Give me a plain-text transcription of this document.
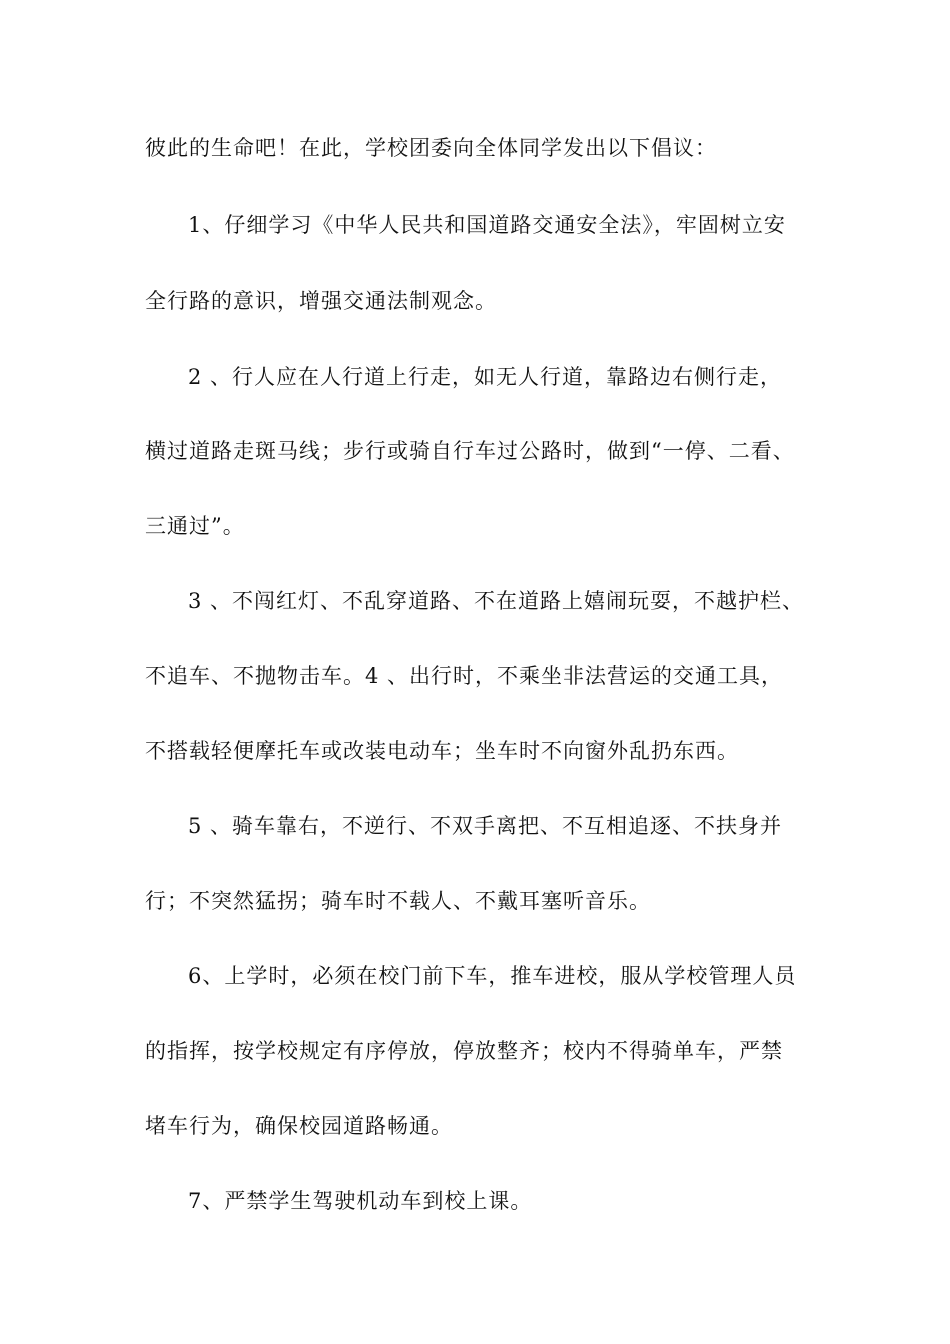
彼此的生命吧！在此，学校团委向全体同学发出以下倡议：
1、仔细学习《中华人民共和国道路交通安全法》，牢固树立安
全行路的意识，增强交通法制观念。
2 、行人应在人行道上行走，如无人行道，靠路边右侧行走，
横过道路走斑马线；步行或骑自行车过公路时，做到“一停、二看、
三通过”。
3 、不闯红灯、不乱穿道路、不在道路上嬉闹玩耍，不越护栏、
不追车、不抛物击车。4 、出行时，不乘坐非法营运的交通工具，
不搭载轻便摩托车或改装电动车；坐车时不向窗外乱扔东西。
5 、骑车靠右，不逆行、不双手离把、不互相追逐、不扶身并
行；不突然猛拐；骑车时不载人、不戴耳塞听音乐。
6、上学时，必须在校门前下车，推车进校，服从学校管理人员
的指挥，按学校规定有序停放，停放整齐；校内不得骑单车，严禁
堵车行为，确保校园道路畅通。
7、严禁学生驾驶机动车到校上课。
